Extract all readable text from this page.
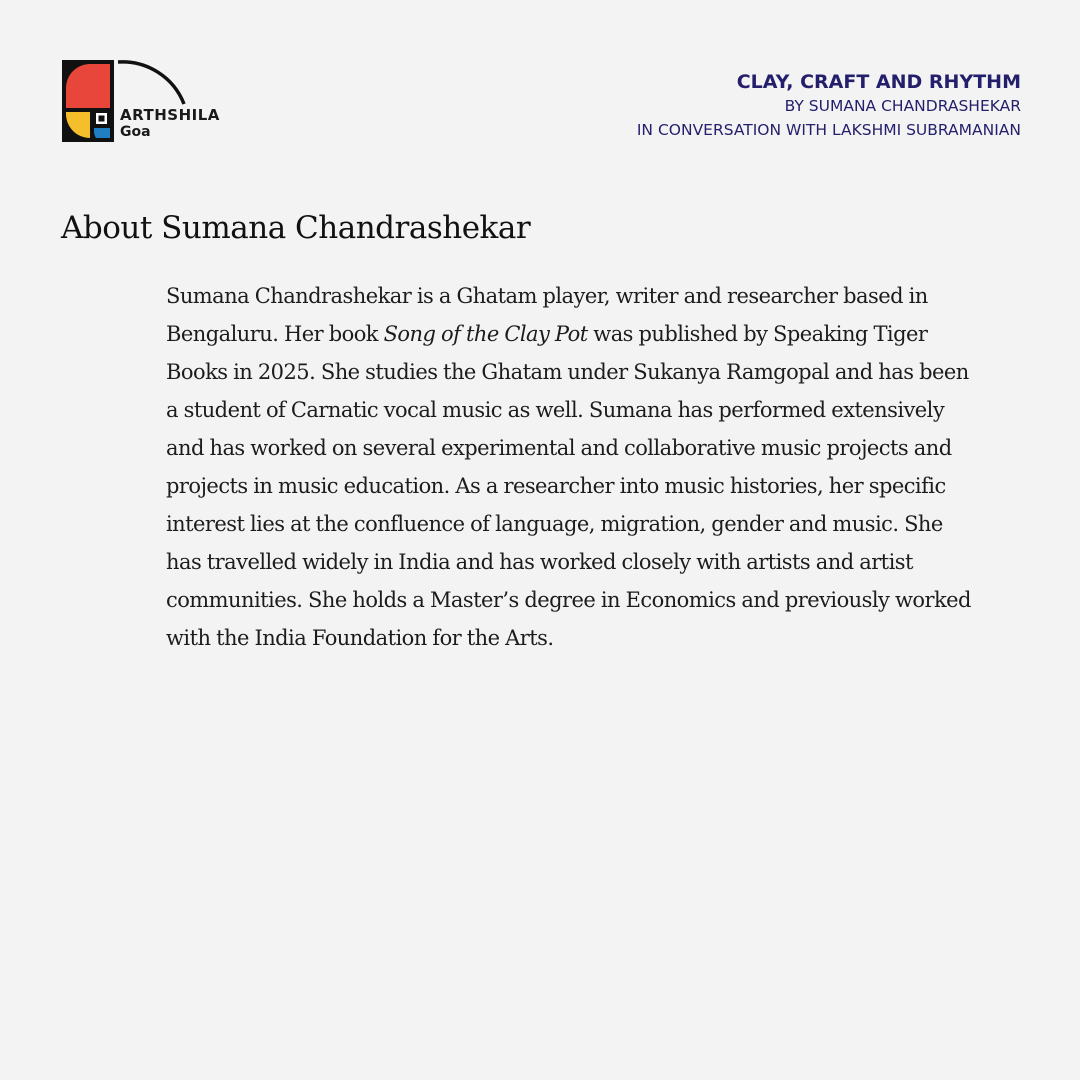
ARTHSHILA
Goa
CLAY, CRAFT AND RHYTHM
BY SUMANA CHANDRASHEKAR
IN CONVERSATION WITH LAKSHMI SUBRAMANIAN
About Sumana Chandrashekar

Sumana Chandrashekar is a Ghatam player, writer and researcher based in
Bengaluru. Her book Song of the Clay Pot was published by Speaking Tiger
Books in 2025. She studies the Ghatam under Sukanya Ramgopal and has been
a student of Carnatic vocal music as well. Sumana has performed extensively
and has worked on several experimental and collaborative music projects and
projects in music education. As a researcher into music histories, her specific
interest lies at the confluence of language, migration, gender and music. She
has travelled widely in India and has worked closely with artists and artist
communities. She holds a Master’s degree in Economics and previously worked
with the India Foundation for the Arts.
